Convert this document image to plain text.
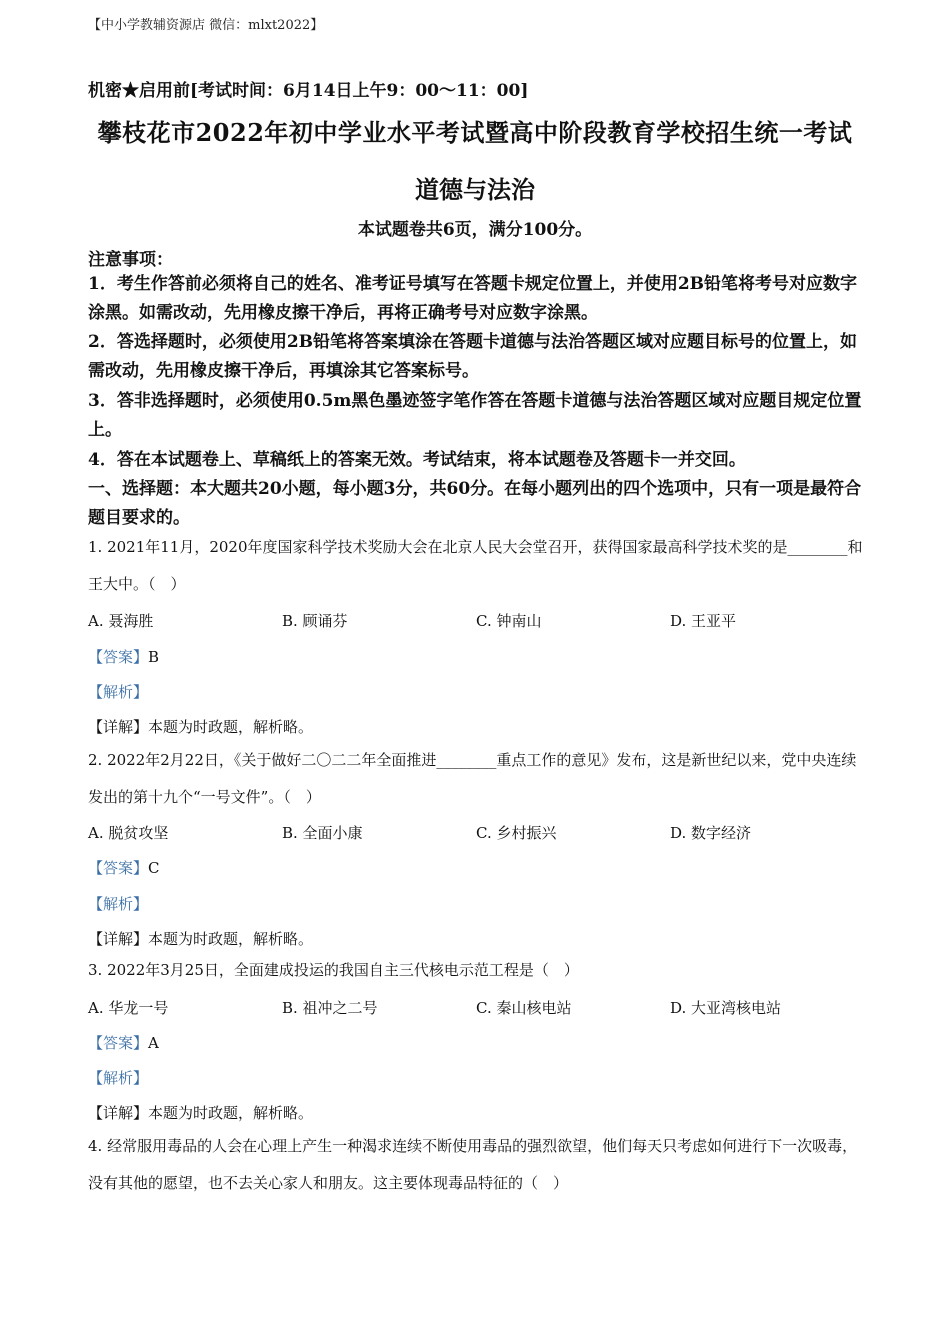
【中小学教辅资源店 微信：mlxt2022】
机密★启用前[考试时间：6月14日上午9：00～11：00]
攀枝花市2022年初中学业水平考试暨高中阶段教育学校招生统一考试
道德与法治
本试题卷共6页，满分100分。
注意事项：
1．考生作答前必须将自己的姓名、准考证号填写在答题卡规定位置上，并使用2B铅笔将考号对应数字涂黑。如需改动，先用橡皮擦干净后，再将正确考号对应数字涂黑。
2．答选择题时，必须使用2B铅笔将答案填涂在答题卡道德与法治答题区域对应题目标号的位置上，如需改动，先用橡皮擦干净后，再填涂其它答案标号。
3．答非选择题时，必须使用0.5m黑色墨迹签字笔作答在答题卡道德与法治答题区域对应题目规定位置上。
4．答在本试题卷上、草稿纸上的答案无效。考试结束，将本试题卷及答题卡一并交回。
一、选择题：本大题共20小题，每小题3分，共60分。在每小题列出的四个选项中，只有一项是最符合题目要求的。
1. 2021年11月，2020年度国家科学技术奖励大会在北京人民大会堂召开，获得国家最高科学技术奖的是________和王大中。（　）
A. 聂海胜	B. 顾诵芬	C. 钟南山	D. 王亚平
【答案】B
【解析】
【详解】本题为时政题，解析略。
2. 2022年2月22日，《关于做好二〇二二年全面推进________重点工作的意见》发布，这是新世纪以来，党中央连续发出的第十九个“一号文件”。（　）
A. 脱贫攻坚	B. 全面小康	C. 乡村振兴	D. 数字经济
【答案】C
【解析】
【详解】本题为时政题，解析略。
3. 2022年3月25日，全面建成投运的我国自主三代核电示范工程是（　）
A. 华龙一号	B. 祖冲之二号	C. 秦山核电站	D. 大亚湾核电站
【答案】A
【解析】
【详解】本题为时政题，解析略。
4. 经常服用毒品的人会在心理上产生一种渴求连续不断使用毒品的强烈欲望，他们每天只考虑如何进行下一次吸毒，没有其他的愿望，也不去关心家人和朋友。这主要体现毒品特征的（　）
